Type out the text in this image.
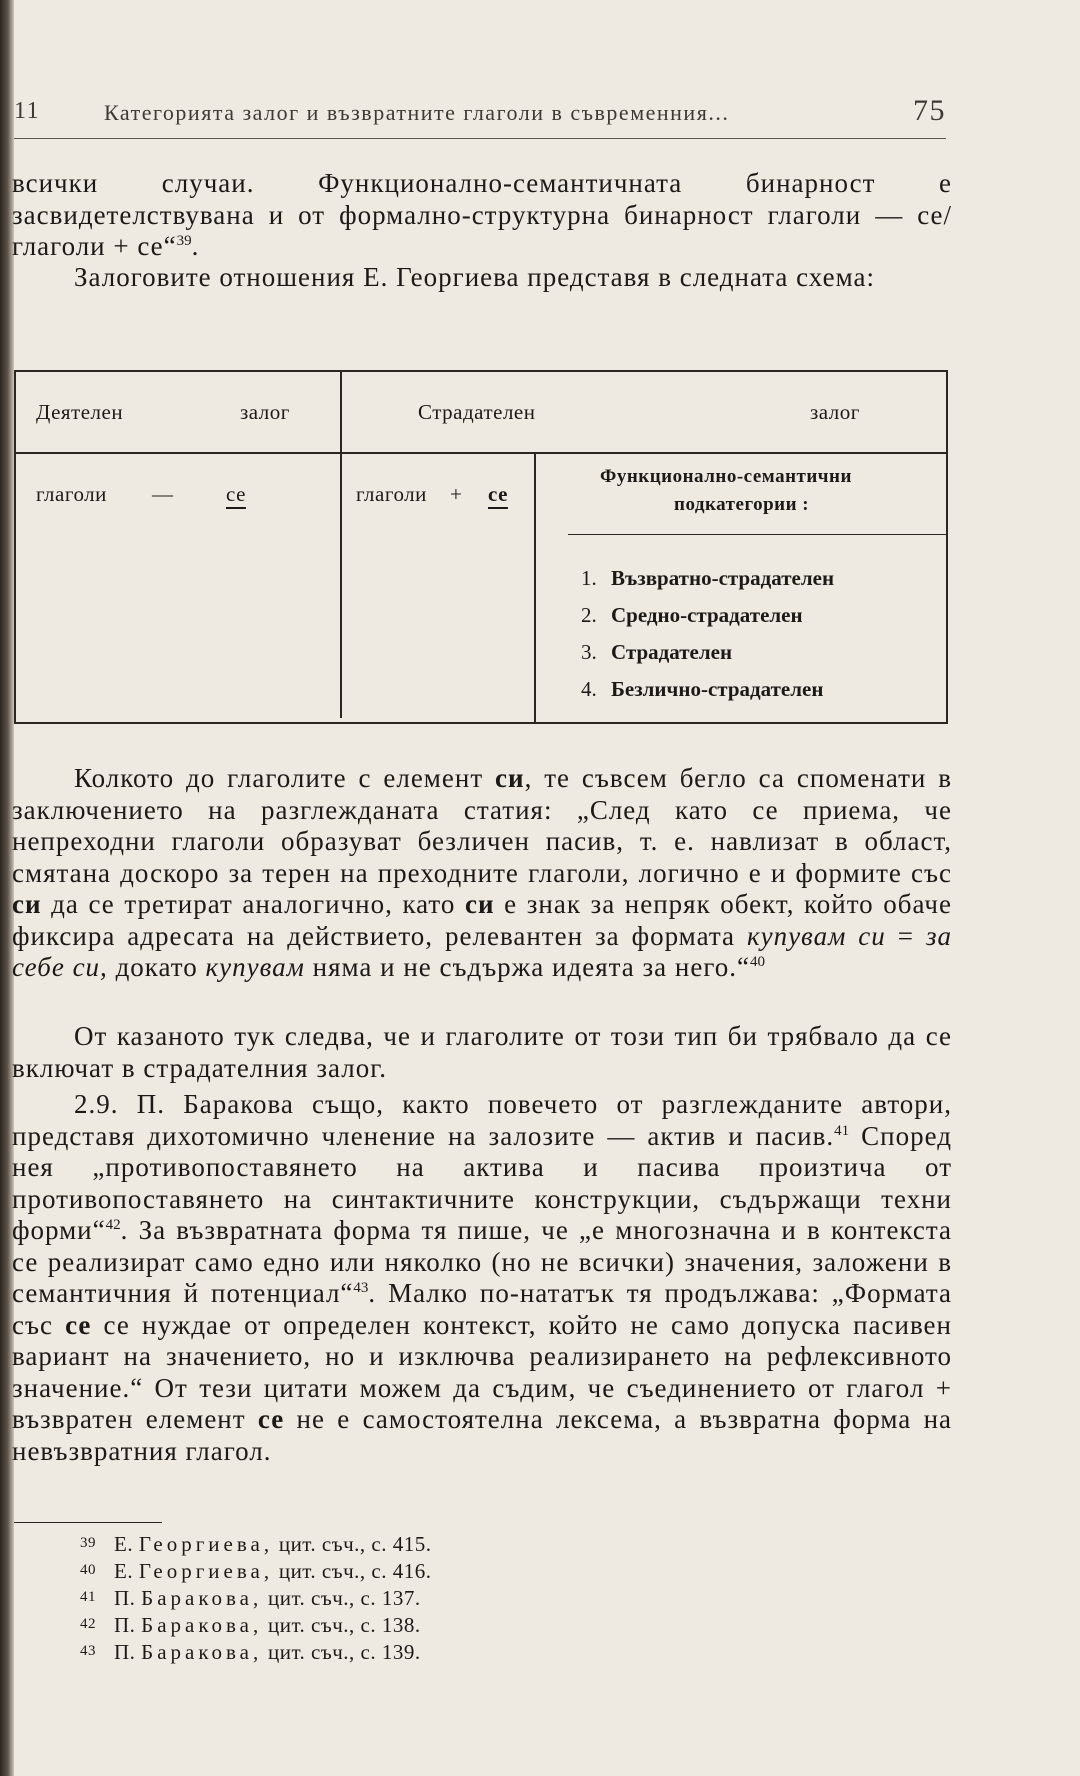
11	Категорията залог и възвратните глаголи в съвременния...	75

всички случаи. Функционално-семантичната бинарност е засвидетелствувана и от формално-структурна бинарност глаголи — се/глаголи + се“$^{39}$.

Залоговите отношения Е. Георгиева представя в следната схема:

Деятелен	залог	Страдателен	залог
глаголи —	се	глаголи + се
Функционално-семантични
подкатегории :
1. Възвратно-страдателен
2. Средно-страдателен
3. Страдателен
4. Безлично-страдателен

Колкото до глаголите с елемент си, те съвсем бегло са споменати в заключението на разглежданата статия: „След като се приема, че непреходни глаголи образуват безличен пасив, т. е. навлизат в област, смятана доскоро за терен на преходните глаголи, логично е и формите със си да се третират аналогично, като си е знак за непряк обект, който обаче фиксира адресата на действието, релевантен за формата купувам си = за себе си, докато купувам няма и не съдържа идеята за него.“$^{40}$

От казаното тук следва, че и глаголите от този тип би трябвало да се включат в страдателния залог.

2.9. П. Баракова също, както повечето от разглежданите автори, представя дихотомично членение на залозите — актив и пасив.$^{41}$ Според нея „противопоставянето на актива и пасива произтича от противопоставянето на синтактичните конструкции, съдържащи техни форми“$^{42}$. За възвратната форма тя пише, че „е многозначна и в контекста се реализират само едно или няколко (но не всички) значения, заложени в семантичния й потенциал“$^{43}$. Малко по-нататък тя продължава: „Формата със се се нуждае от определен контекст, който не само допуска пасивен вариант на значението, но и изключва реализирането на рефлексивното значение.“ От тези цитати можем да съдим, че съединението от глагол + възвратен елемент се не е самостоятелна лексема, а възвратна форма на невъзвратния глагол.

39 Е. Георгиева, цит. съч., с. 415.
40 Е. Георгиева, цит. съч., с. 416.
41 П. Баракова, цит. съч., с. 137.
42 П. Баракова, цит. съч., с. 138.
43 П. Баракова, цит. съч., с. 139.
